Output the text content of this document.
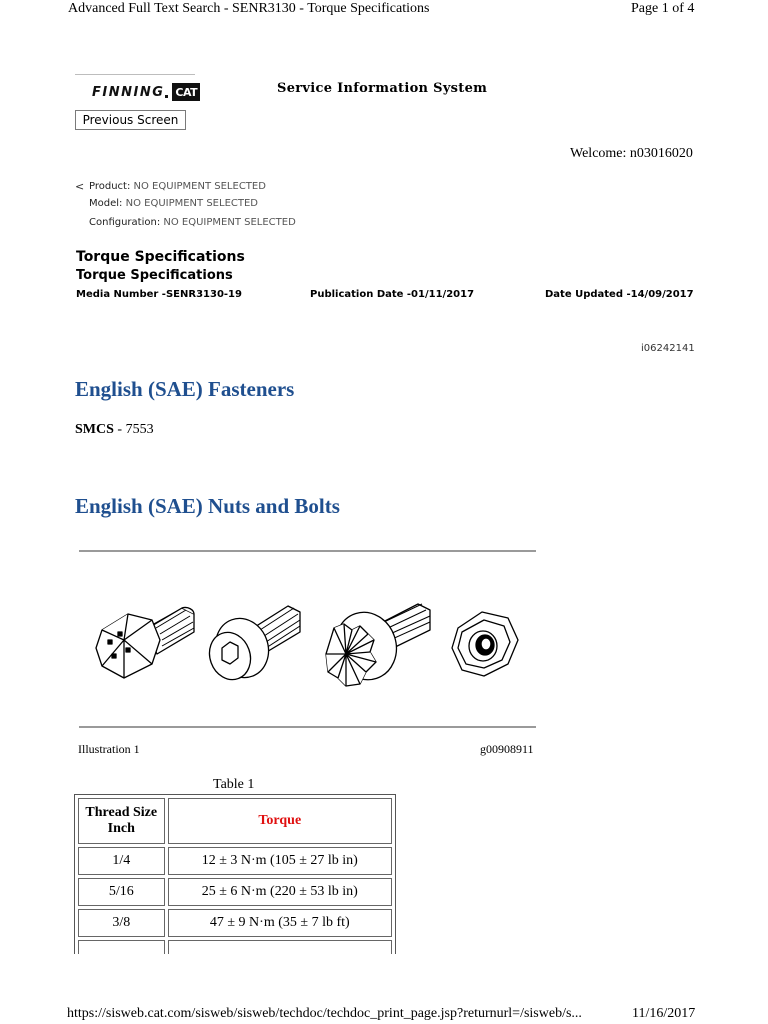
Advanced Full Text Search - SENR3130 - Torque Specifications	Page 1 of 4
FINNING CAT	Service Information System
Previous Screen
Welcome: n03016020
< Product: NO EQUIPMENT SELECTED
Model: NO EQUIPMENT SELECTED
Configuration: NO EQUIPMENT SELECTED
Torque Specifications
Torque Specifications
Media Number -SENR3130-19	Publication Date -01/11/2017	Date Updated -14/09/2017
i06242141
English (SAE) Fasteners
SMCS - 7553
English (SAE) Nuts and Bolts
Illustration 1	g00908911
Table 1
Thread Size Inch	Torque
1/4	12 ± 3 N·m (105 ± 27 lb in)
5/16	25 ± 6 N·m (220 ± 53 lb in)
3/8	47 ± 9 N·m (35 ± 7 lb ft)

https://sisweb.cat.com/sisweb/sisweb/techdoc/techdoc_print_page.jsp?returnurl=/sisweb/s...	11/16/2017
